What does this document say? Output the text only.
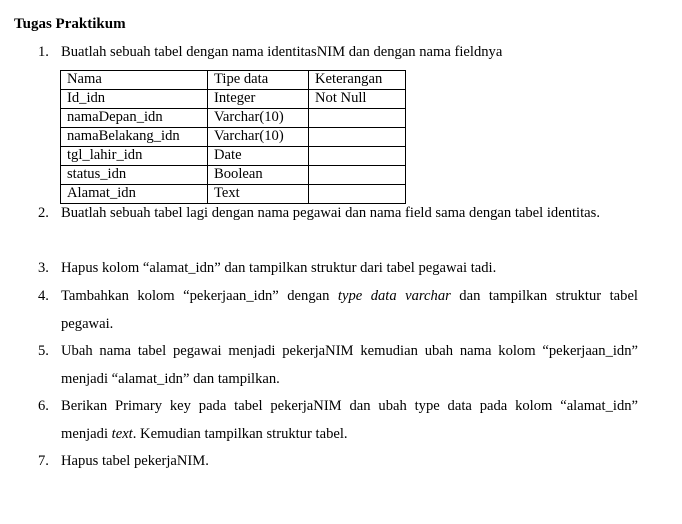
Tugas Praktikum
1. Buatlah sebuah tabel dengan nama identitasNIM dan dengan nama fieldnya
Nama	Tipe data	Keterangan
Id_idn	Integer	Not Null
namaDepan_idn	Varchar(10)	
namaBelakang_idn	Varchar(10)	
tgl_lahir_idn	Date	
status_idn	Boolean	
Alamat_idn	Text	
2. Buatlah sebuah tabel lagi dengan nama pegawai dan nama field sama dengan tabel identitas.
3. Hapus kolom “alamat_idn” dan tampilkan struktur dari tabel pegawai tadi.
4. Tambahkan kolom “pekerjaan_idn” dengan type data varchar dan tampilkan struktur tabel pegawai.
5. Ubah nama tabel pegawai menjadi pekerjaNIM kemudian ubah nama kolom “pekerjaan_idn” menjadi “alamat_idn” dan tampilkan.
6. Berikan Primary key pada tabel pekerjaNIM dan ubah type data pada kolom “alamat_idn” menjadi text. Kemudian tampilkan struktur tabel.
7. Hapus tabel pekerjaNIM.
